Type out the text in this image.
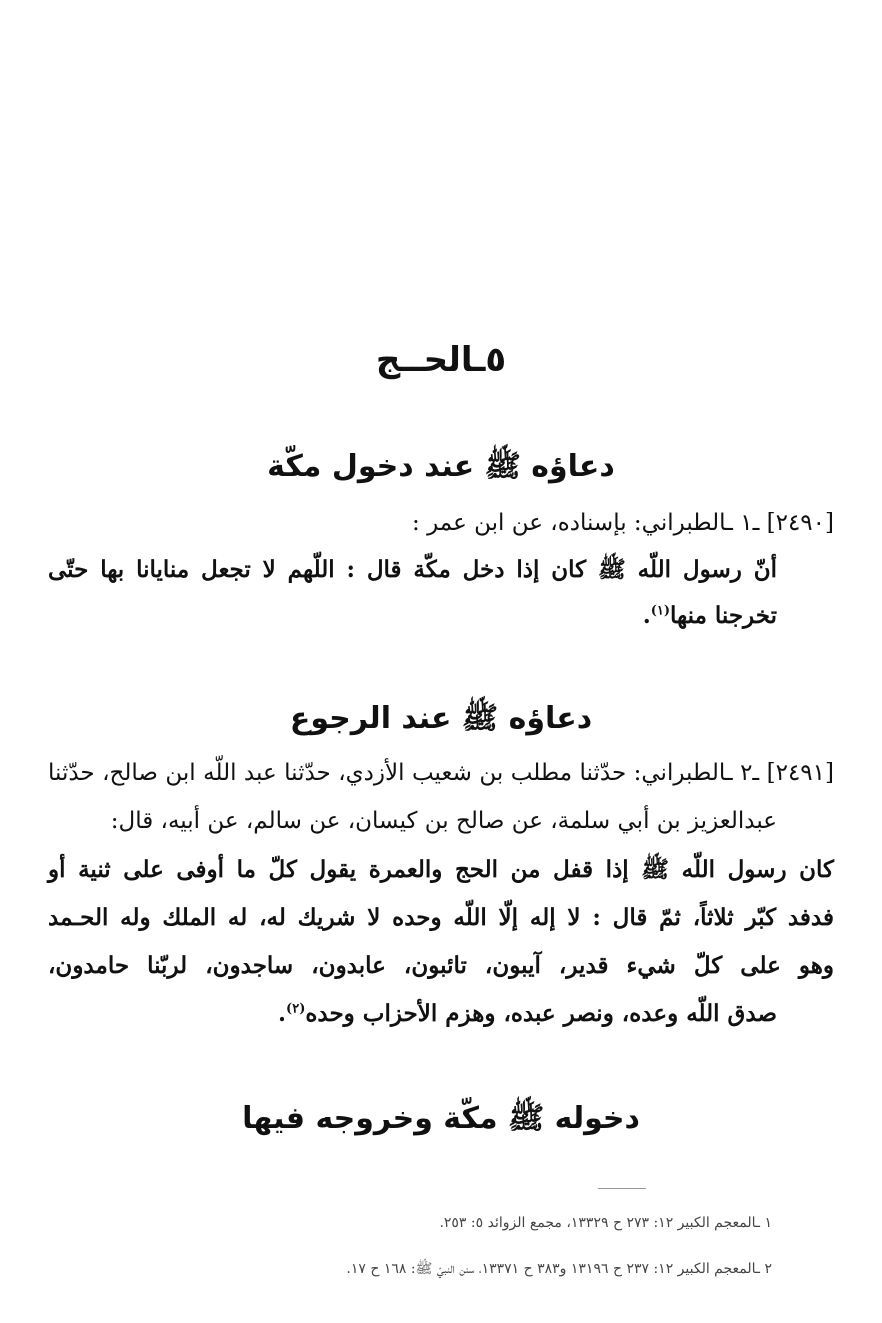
٥ـالحــج
دعاؤه ﷺ عند دخول مكّة

[٢٤٩٠] ـ١ ـالطبراني: بإسناده، عن ابن عمر :

أنّ رسول اللّه ﷺ كان إذا دخل مكّة قال : اللّهم لا تجعل منايانا بها حتّى

تخرجنا منها$^{(١)}$.

دعاؤه ﷺ عند الرجوع

[٢٤٩١] ـ٢ ـالطبراني: حدّثنا مطلب بن شعيب الأزدي، حدّثنا عبد اللّه ابن صالح، حدّثنا

عبدالعزيز بن أبي سلمة، عن صالح بن كيسان، عن سالم، عن أبيه، قال:

كان رسول اللّه ﷺ إذا قفل من الحج والعمرة يقول كلّ ما أوفى على ثنية أو

فدفد كبّر ثلاثاً، ثمّ قال : لا إله إلّا اللّه وحده لا شريك له، له الملك وله الحـمد

وهو على كلّ شيء قدير، آيبون، تائبون، عابدون، ساجدون، لربّنا حامدون،

صدق اللّه وعده، ونصر عبده، وهزم الأحزاب وحده$^{(٢)}$.

دخوله ﷺ مكّة وخروجه فيها

١ ـالمعجم الكبير ١٢: ٢٧٣ ح ١٣٣٢٩، مجمع الزوائد ٥: ٢٥٣.

٢ ـالمعجم الكبير ١٢: ٢٣٧ ح ١٣١٩٦ و٣٨٣ ح ١٣٣٧١، سنن النبيّ ﷺ: ١٦٨ ح ١٧.
